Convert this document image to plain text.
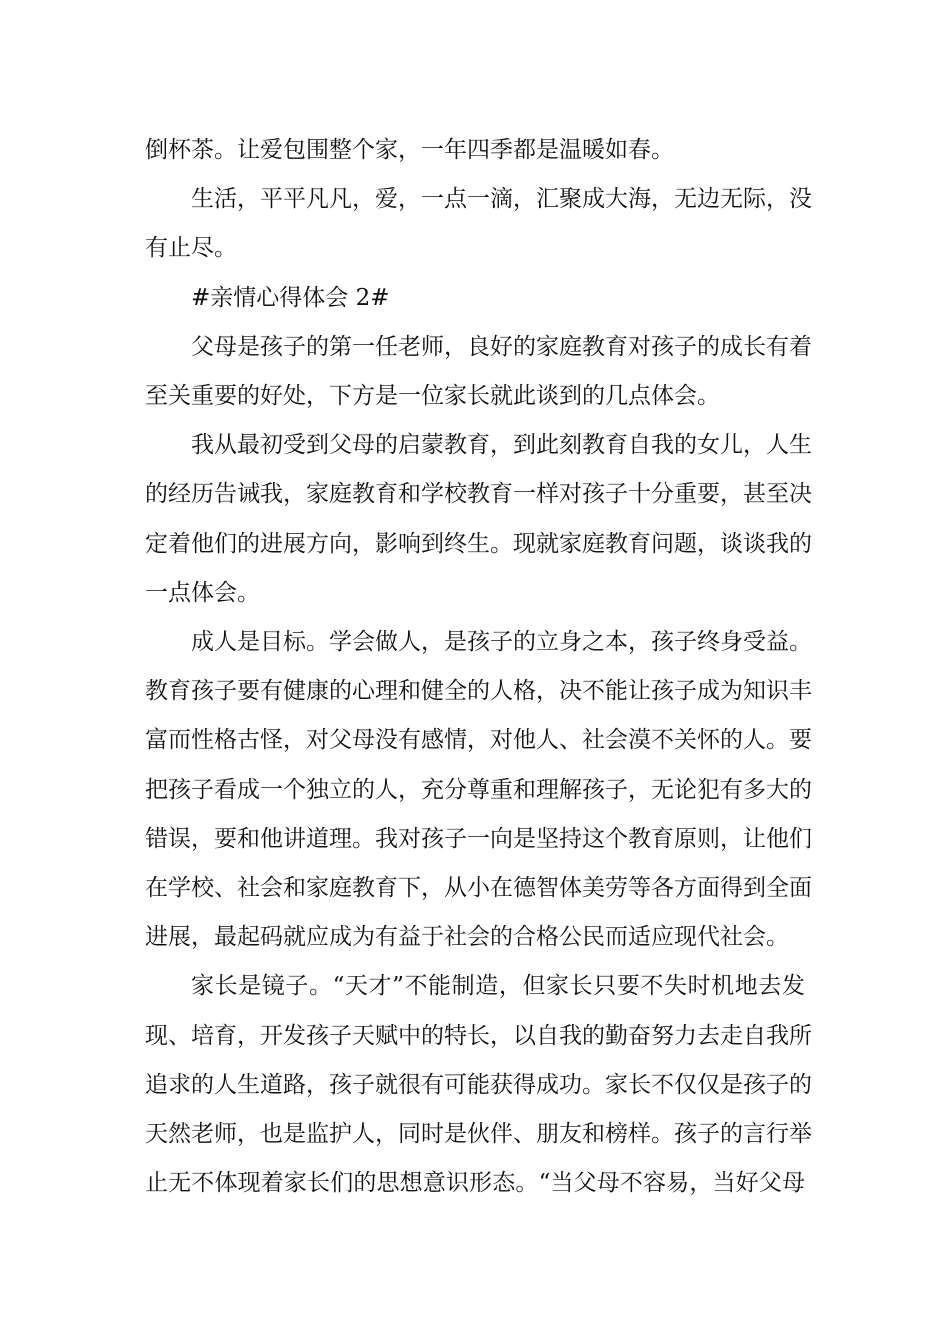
倒杯茶。让爱包围整个家，一年四季都是温暖如春。

生活，平平凡凡，爱，一点一滴，汇聚成大海，无边无际，没
有止尽。

#亲情心得体会 2#

父母是孩子的第一任老师，良好的家庭教育对孩子的成长有着
至关重要的好处，下方是一位家长就此谈到的几点体会。

我从最初受到父母的启蒙教育，到此刻教育自我的女儿，人生
的经历告诫我，家庭教育和学校教育一样对孩子十分重要，甚至决
定着他们的进展方向，影响到终生。现就家庭教育问题，谈谈我的
一点体会。

成人是目标。学会做人，是孩子的立身之本，孩子终身受益。
教育孩子要有健康的心理和健全的人格，决不能让孩子成为知识丰
富而性格古怪，对父母没有感情，对他人、社会漠不关怀的人。要
把孩子看成一个独立的人，充分尊重和理解孩子，无论犯有多大的
错误，要和他讲道理。我对孩子一向是坚持这个教育原则，让他们
在学校、社会和家庭教育下，从小在德智体美劳等各方面得到全面
进展，最起码就应成为有益于社会的合格公民而适应现代社会。

家长是镜子。“天才”不能制造，但家长只要不失时机地去发
现、培育，开发孩子天赋中的特长，以自我的勤奋努力去走自我所
追求的人生道路，孩子就很有可能获得成功。家长不仅仅是孩子的
天然老师，也是监护人，同时是伙伴、朋友和榜样。孩子的言行举
止无不体现着家长们的思想意识形态。“当父母不容易，当好父母
